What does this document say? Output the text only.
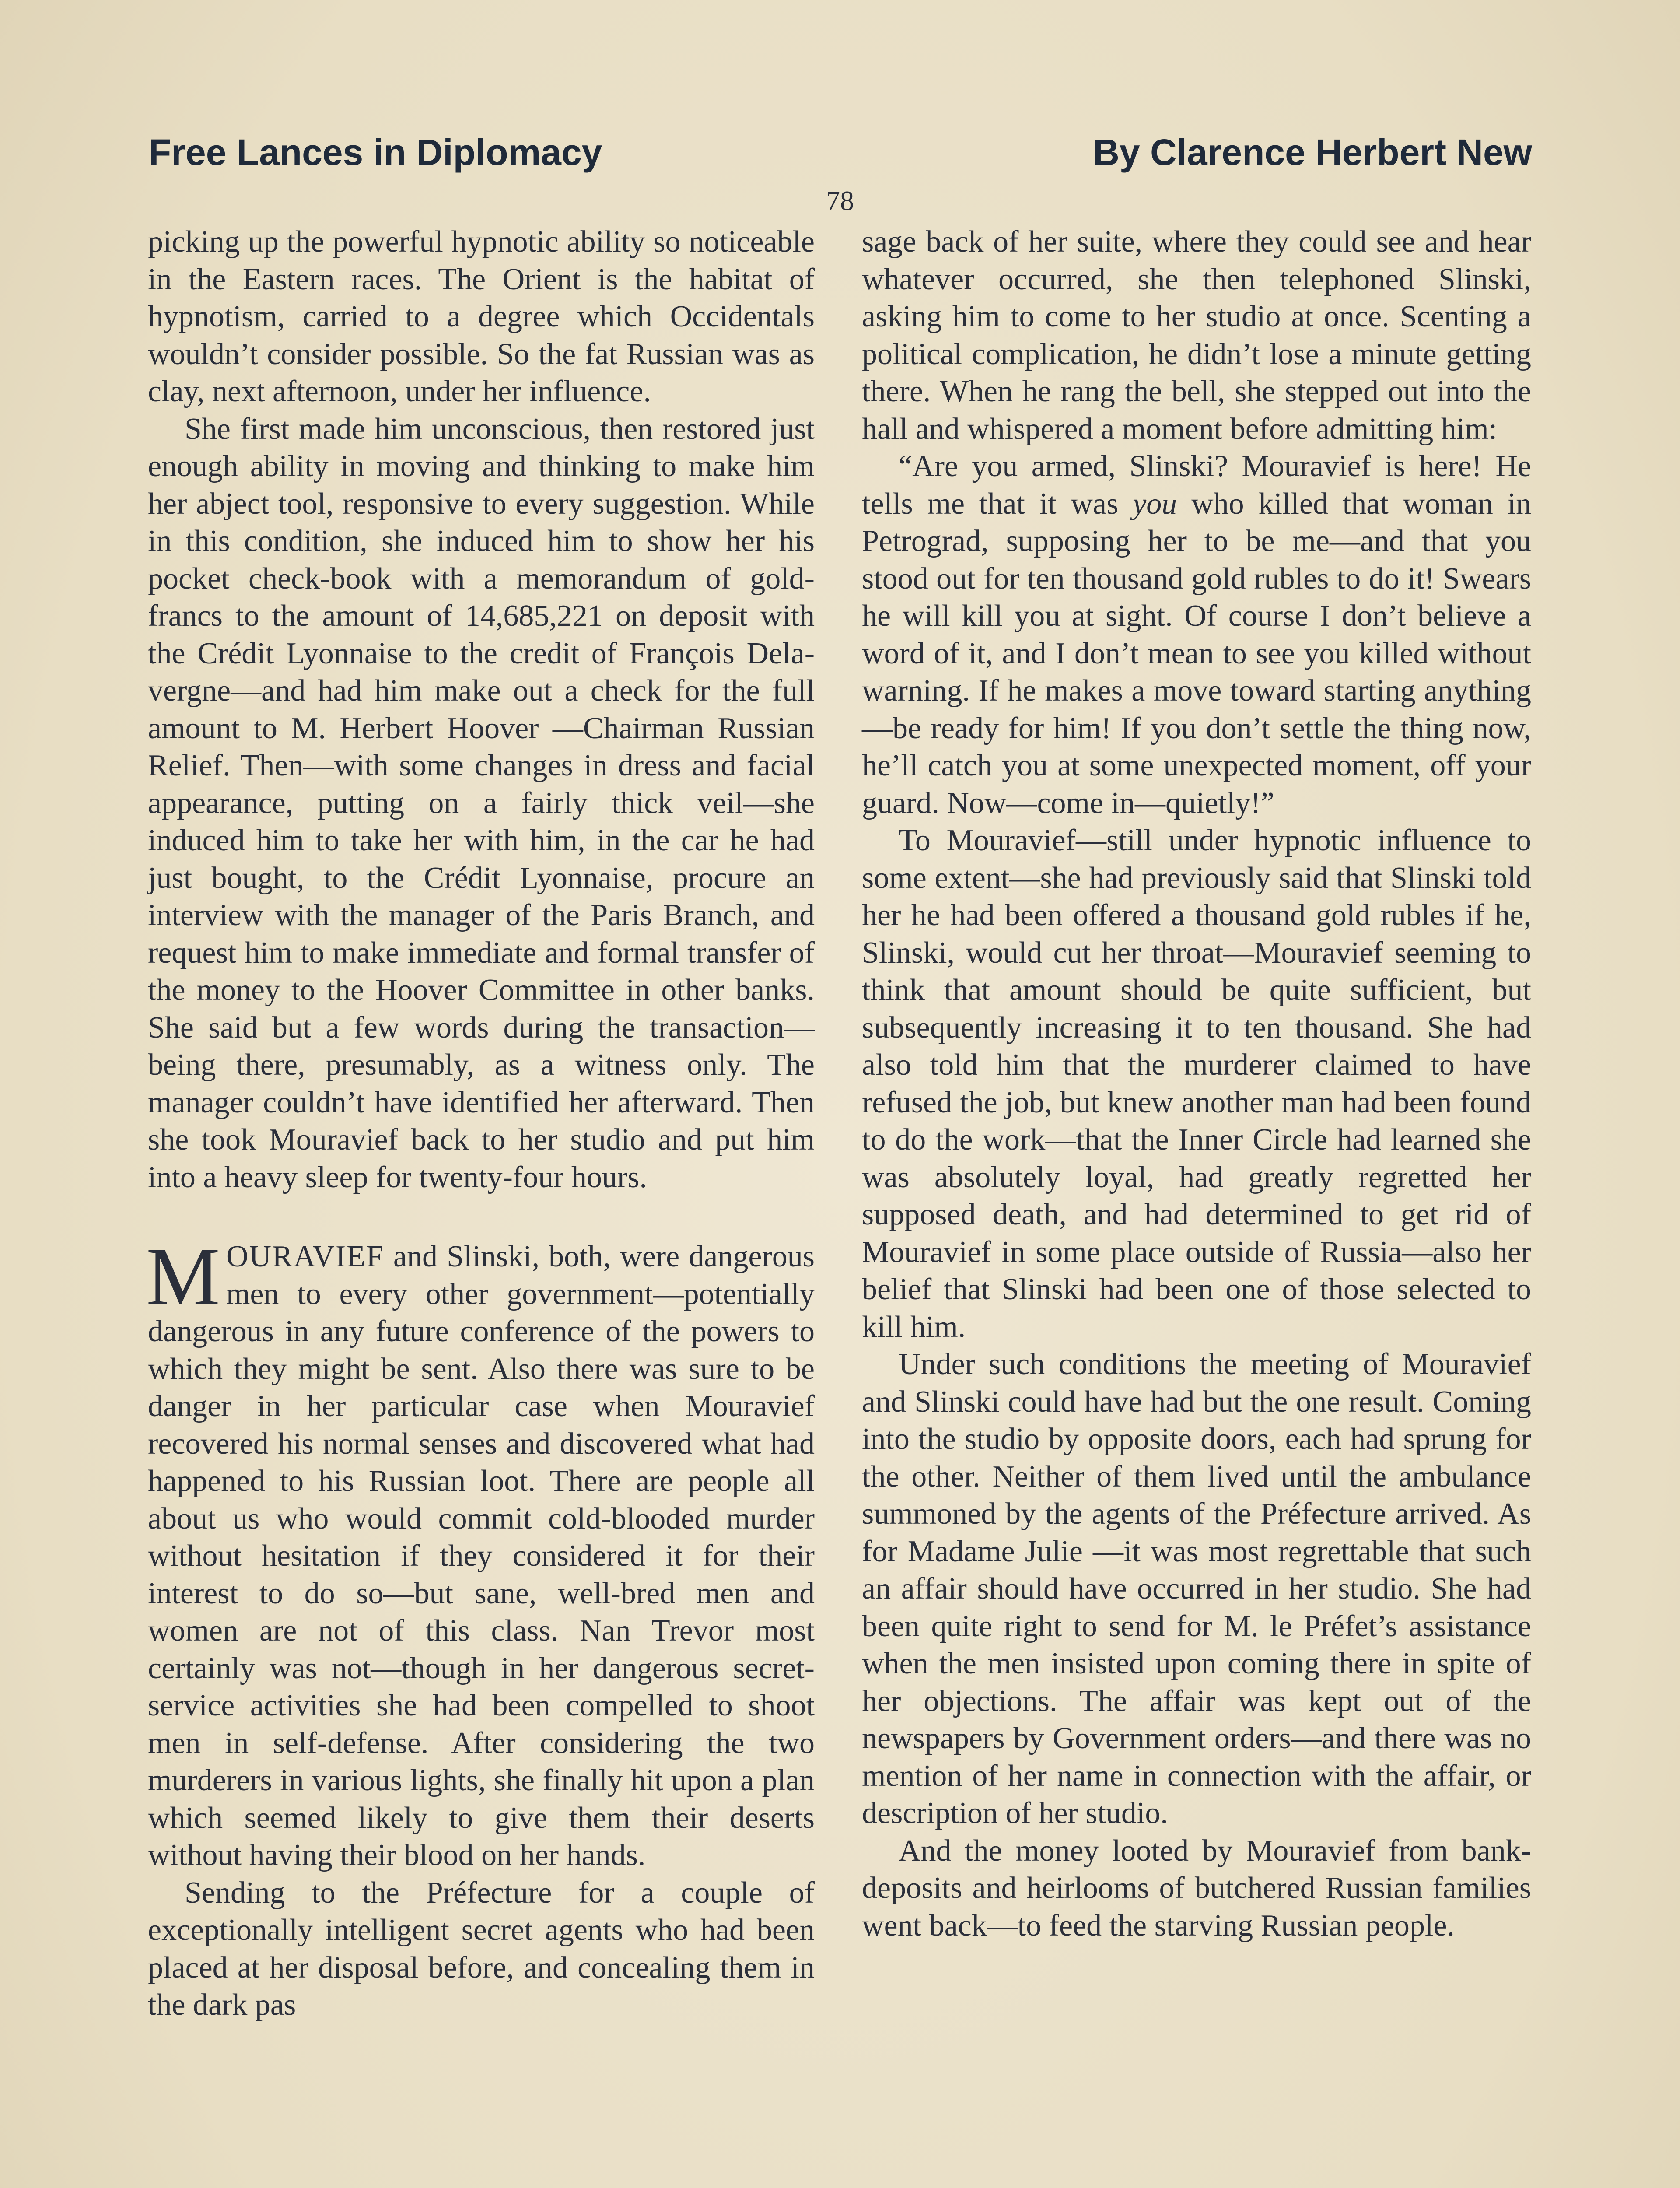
Free Lances in Diplomacy	By Clarence Herbert New
78

picking up the powerful hypnotic ability so noticeable in the Eastern races. The Orient is the habitat of hypnotism, carried to a degree which Occidentals wouldn’t consider possible. So the fat Russian was as clay, next afternoon, under her influence.

She first made him unconscious, then restored just enough ability in moving and thinking to make him her abject tool, responsive to every suggestion. While in this condition, she induced him to show her his pocket check-book with a memorandum of gold-francs to the amount of 14,685,221 on deposit with the Crédit Lyonnaise to the credit of François Delavergne—and had him make out a check for the full amount to M. Herbert Hoover —Chairman Russian Relief. Then—with some changes in dress and facial appearance, putting on a fairly thick veil—she induced him to take her with him, in the car he had just bought, to the Crédit Lyonnaise, procure an interview with the manager of the Paris Branch, and request him to make immediate and formal transfer of the money to the Hoover Committee in other banks. She said but a few words during the transaction—being there, presumably, as a witness only. The manager couldn’t have identified her afterward. Then she took Mouravief back to her studio and put him into a heavy sleep for twenty-four hours.

MOURAVIEF and Slinski, both, were dangerous men to every other government—potentially dangerous in any future conference of the powers to which they might be sent. Also there was sure to be danger in her particular case when Mouravief recovered his normal senses and discovered what had happened to his Russian loot. There are people all about us who would commit cold-blooded murder without hesitation if they considered it for their interest to do so—but sane, well-bred men and women are not of this class. Nan Trevor most certainly was not—though in her dangerous secret-service activities she had been compelled to shoot men in self-defense. After considering the two murderers in various lights, she finally hit upon a plan which seemed likely to give them their deserts without having their blood on her hands.

Sending to the Préfecture for a couple of exceptionally intelligent secret agents who had been placed at her disposal before, and concealing them in the dark pas

sage back of her suite, where they could see and hear whatever occurred, she then telephoned Slinski, asking him to come to her studio at once. Scenting a political complication, he didn’t lose a minute getting there. When he rang the bell, she stepped out into the hall and whispered a moment before admitting him:

“Are you armed, Slinski? Mouravief is here! He tells me that it was you who killed that woman in Petrograd, supposing her to be me—and that you stood out for ten thousand gold rubles to do it! Swears he will kill you at sight. Of course I don’t believe a word of it, and I don’t mean to see you killed without warning. If he makes a move toward starting anything—be ready for him! If you don’t settle the thing now, he’ll catch you at some unexpected moment, off your guard. Now—come in—quietly!”

To Mouravief—still under hypnotic influence to some extent—she had previously said that Slinski told her he had been offered a thousand gold rubles if he, Slinski, would cut her throat—Mouravief seeming to think that amount should be quite sufficient, but subsequently increasing it to ten thousand. She had also told him that the murderer claimed to have refused the job, but knew another man had been found to do the work—that the Inner Circle had learned she was absolutely loyal, had greatly regretted her supposed death, and had determined to get rid of Mouravief in some place outside of Russia—also her belief that Slinski had been one of those selected to kill him.

Under such conditions the meeting of Mouravief and Slinski could have had but the one result. Coming into the studio by opposite doors, each had sprung for the other. Neither of them lived until the ambulance summoned by the agents of the Préfecture arrived. As for Madame Julie —it was most regrettable that such an affair should have occurred in her studio. She had been quite right to send for M. le Préfet’s assistance when the men insisted upon coming there in spite of her objections. The affair was kept out of the newspapers by Government orders—and there was no mention of her name in connection with the affair, or description of her studio.

And the money looted by Mouravief from bank-deposits and heirlooms of butchered Russian families went back—to feed the starving Russian people.
